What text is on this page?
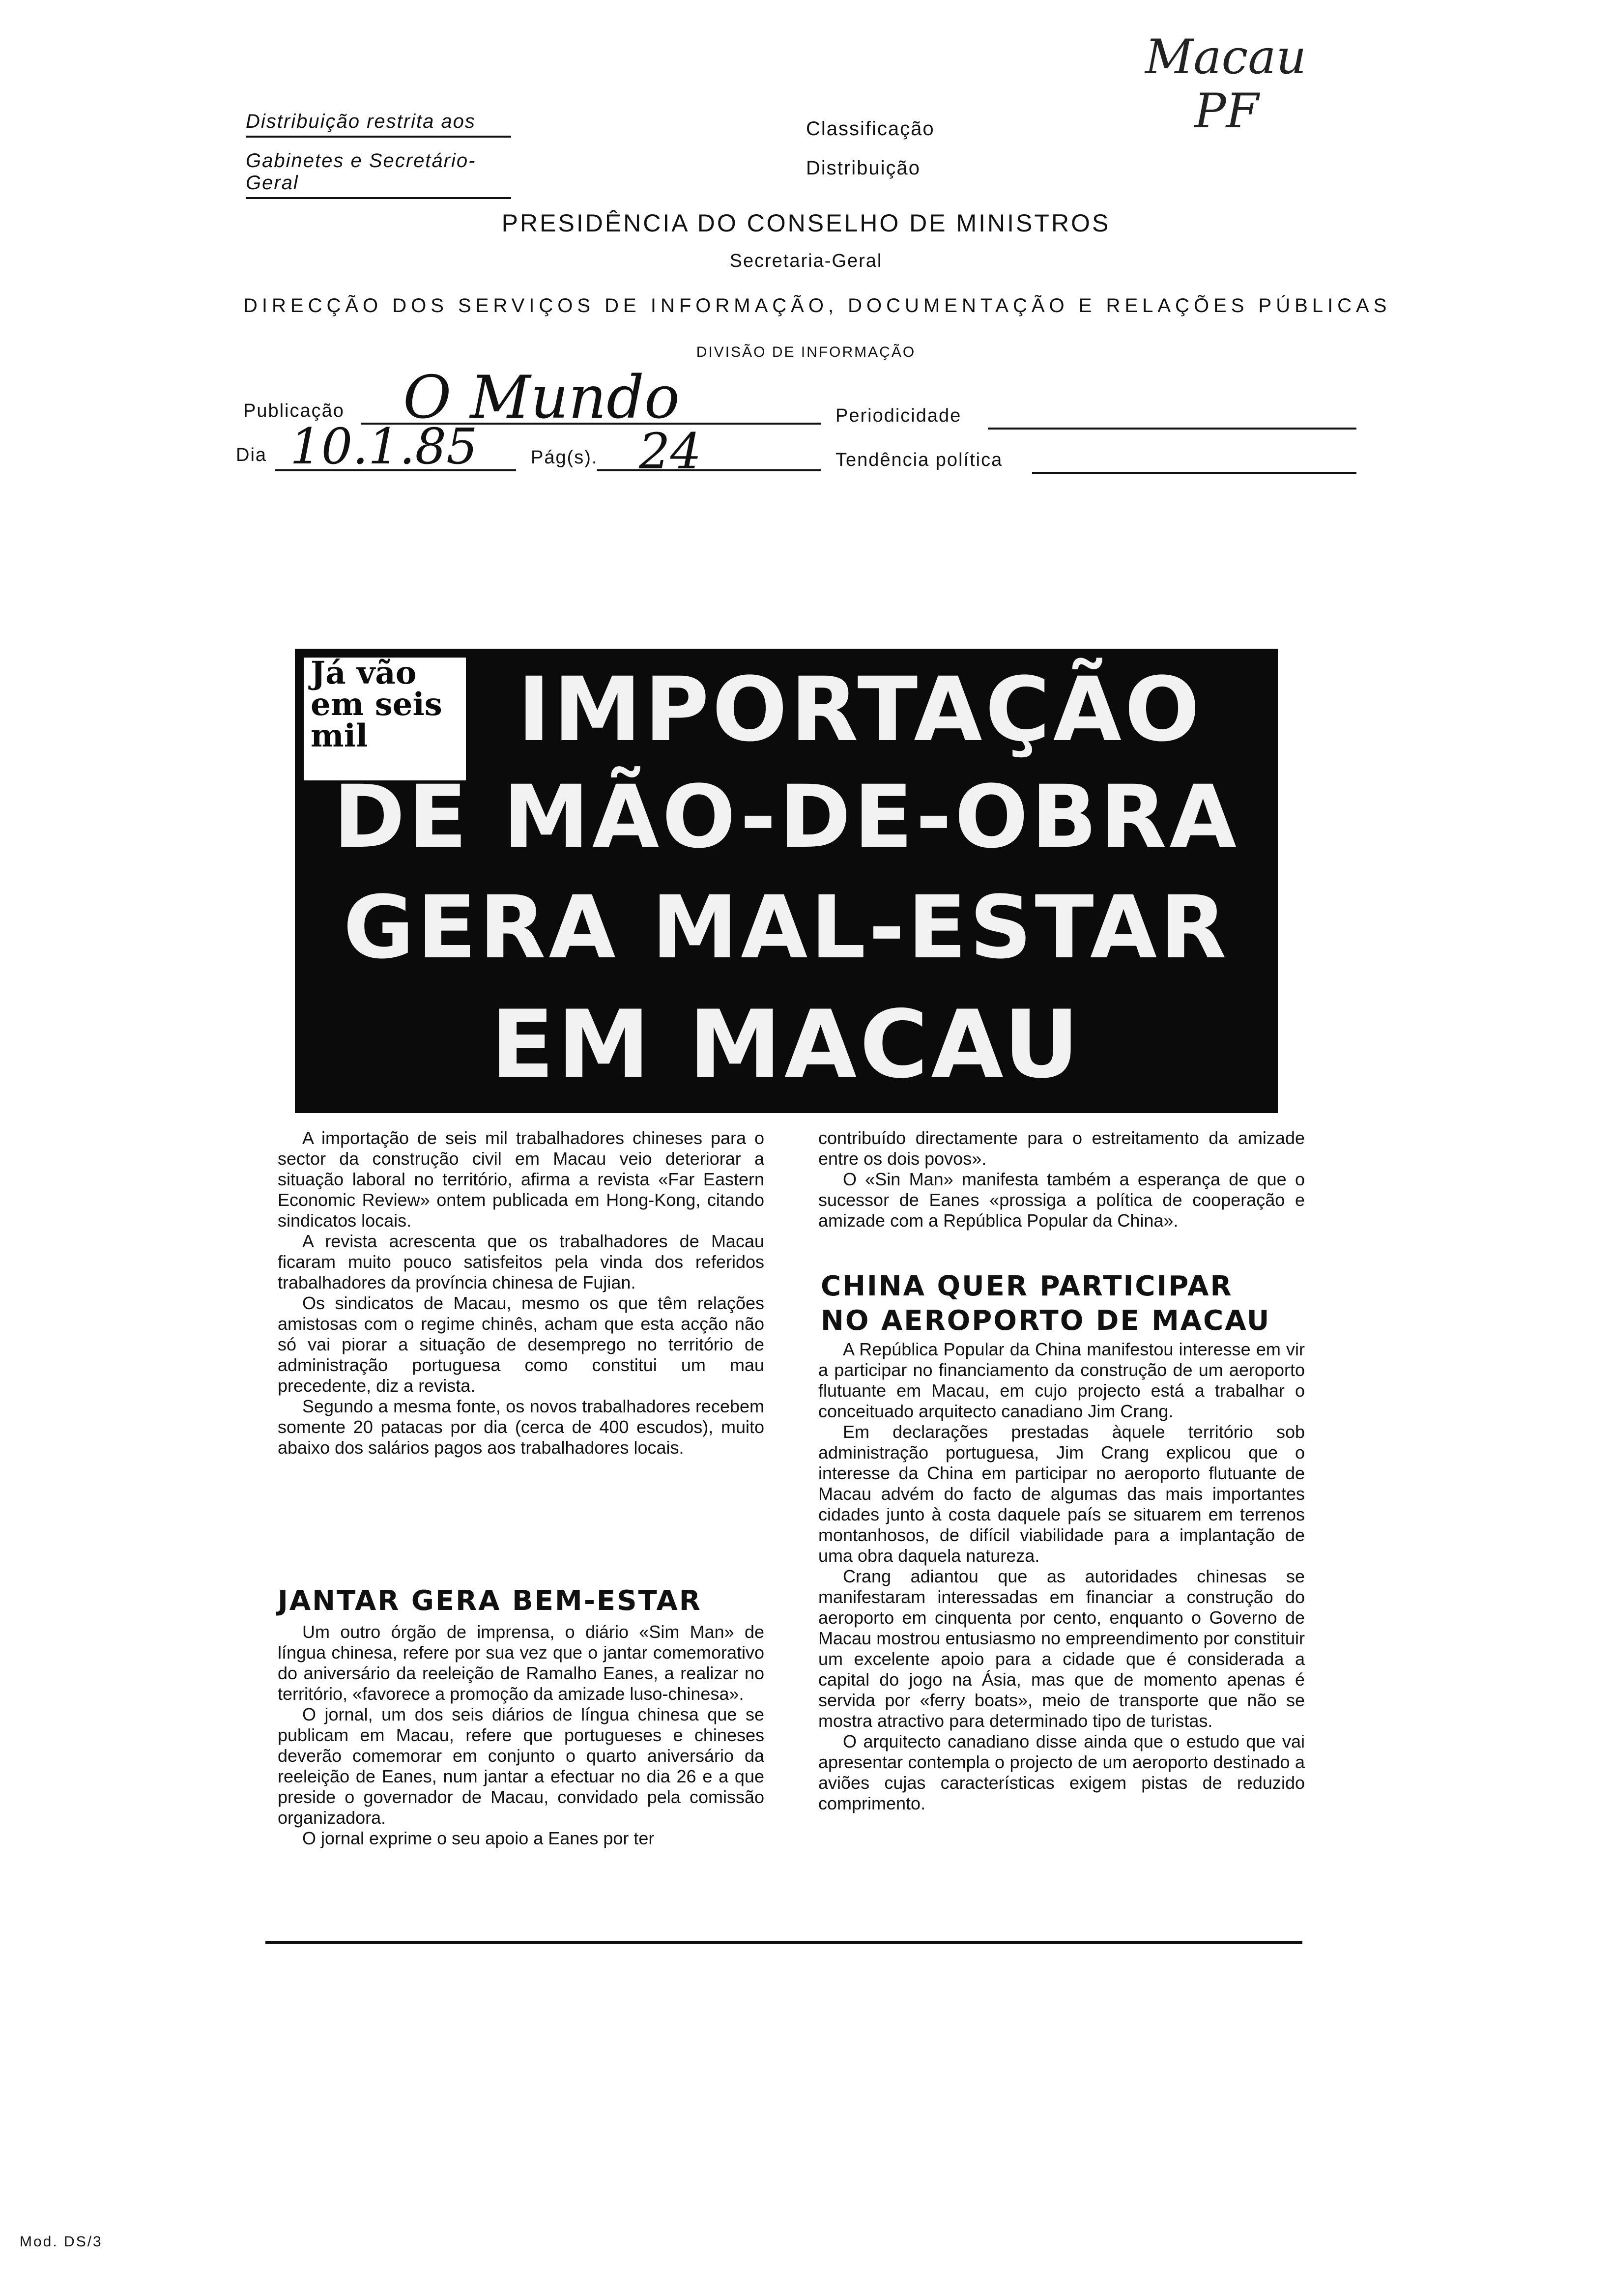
Macau
PF
Distribuição restrita aos
Gabinetes e Secretário-Geral
Classificação
Distribuição
PRESIDÊNCIA DO CONSELHO DE MINISTROS
Secretaria-Geral
DIRECÇÃO DOS SERVIÇOS DE INFORMAÇÃO, DOCUMENTAÇÃO E RELAÇÕES PÚBLICAS
DIVISÃO DE INFORMAÇÃO
Publicação O Mundo	Periodicidade
Dia 10.1.85	Pág(s). 24	Tendência política
Já vão
em seis
mil	IMPORTAÇÃO
DE MÃO-DE-OBRA
GERA MAL-ESTAR
EM MACAU

A importação de seis mil trabalhadores chineses para o sector da construção civil em Macau veio deteriorar a situação laboral no território, afirma a revista «Far Eastern Economic Review» ontem publicada em Hong-Kong, citando sindicatos locais.

A revista acrescenta que os trabalhadores de Macau ficaram muito pouco satisfeitos pela vinda dos referidos trabalhadores da província chinesa de Fujian.

Os sindicatos de Macau, mesmo os que têm relações amistosas com o regime chinês, acham que esta acção não só vai piorar a situação de desemprego no território de administração portuguesa como constitui um mau precedente, diz a revista.

Segundo a mesma fonte, os novos trabalhadores recebem somente 20 patacas por dia (cerca de 400 escudos), muito abaixo dos salários pagos aos trabalhadores locais.

JANTAR GERA BEM-ESTAR

Um outro órgão de imprensa, o diário «Sim Man» de língua chinesa, refere por sua vez que o jantar comemorativo do aniversário da reeleição de Ramalho Eanes, a realizar no território, «favorece a promoção da amizade luso-chinesa».

O jornal, um dos seis diários de língua chinesa que se publicam em Macau, refere que portugueses e chineses deverão comemorar em conjunto o quarto aniversário da reeleição de Eanes, num jantar a efectuar no dia 26 e a que preside o governador de Macau, convidado pela comissão organizadora.

O jornal exprime o seu apoio a Eanes por ter

contribuído directamente para o estreitamento da amizade entre os dois povos».

O «Sin Man» manifesta também a esperança de que o sucessor de Eanes «prossiga a política de cooperação e amizade com a República Popular da China».

CHINA QUER PARTICIPAR
NO AEROPORTO DE MACAU

A República Popular da China manifestou interesse em vir a participar no financiamento da construção de um aeroporto flutuante em Macau, em cujo projecto está a trabalhar o conceituado arquitecto canadiano Jim Crang.

Em declarações prestadas àquele território sob administração portuguesa, Jim Crang explicou que o interesse da China em participar no aeroporto flutuante de Macau advém do facto de algumas das mais importantes cidades junto à costa daquele país se situarem em terrenos montanhosos, de difícil viabilidade para a implantação de uma obra daquela natureza.

Crang adiantou que as autoridades chinesas se manifestaram interessadas em financiar a construção do aeroporto em cinquenta por cento, enquanto o Governo de Macau mostrou entusiasmo no empreendimento por constituir um excelente apoio para a cidade que é considerada a capital do jogo na Ásia, mas que de momento apenas é servida por «ferry boats», meio de transporte que não se mostra atractivo para determinado tipo de turistas.

O arquitecto canadiano disse ainda que o estudo que vai apresentar contempla o projecto de um aeroporto destinado a aviões cujas características exigem pistas de reduzido comprimento.

Mod. DS/3
